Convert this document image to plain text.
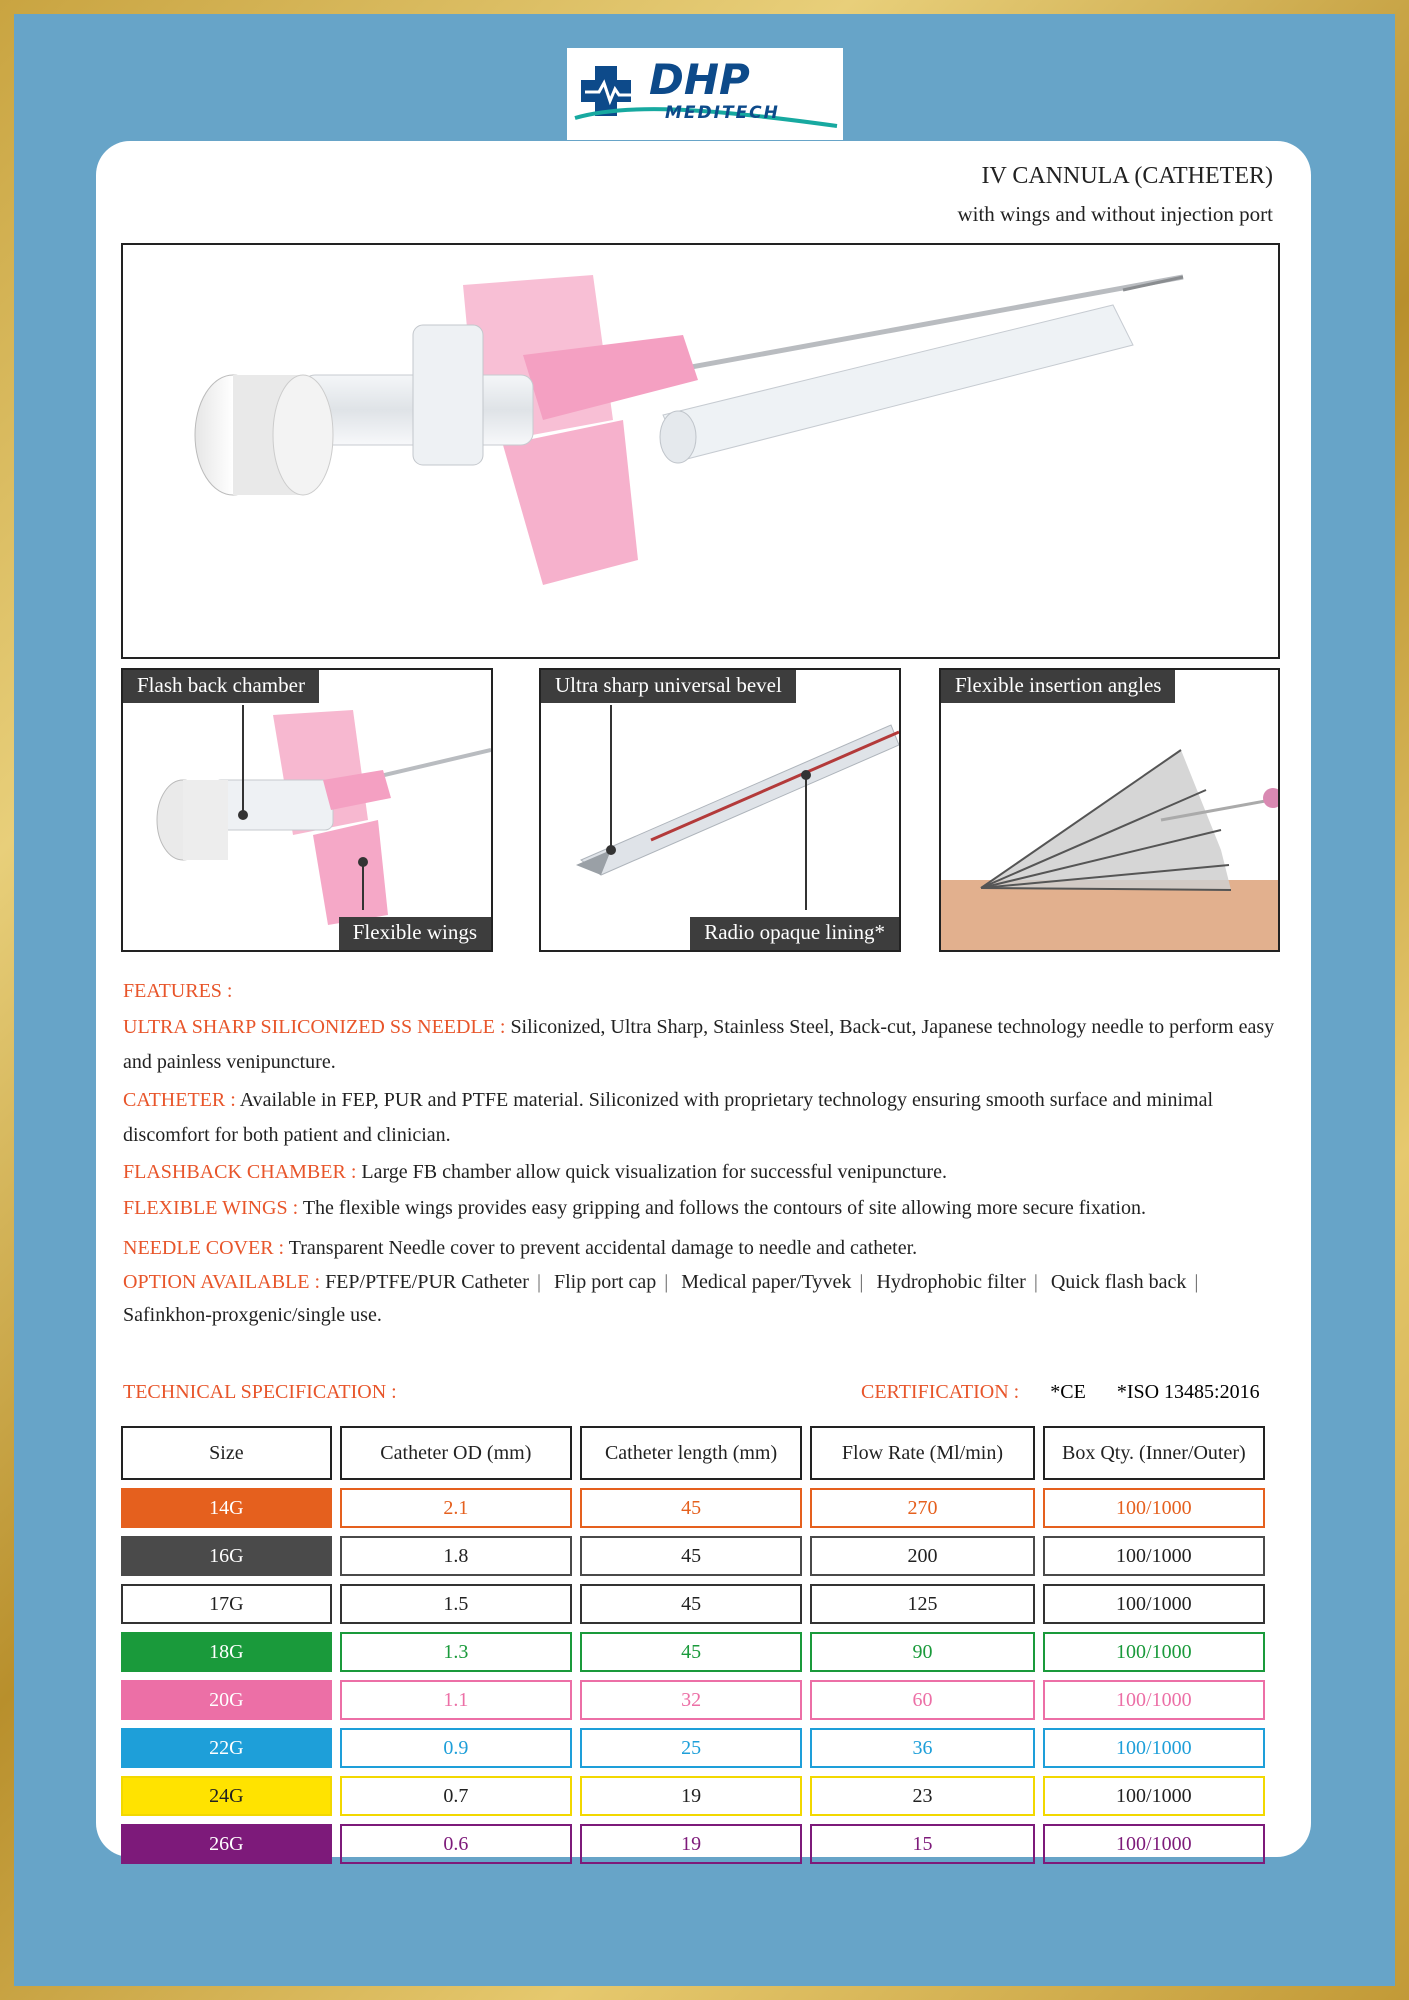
DHP
MEDITECH
IV CANNULA (CATHETER)
with wings and without injection port
Flash back chamber
Flexible wings
Ultra sharp universal bevel
Radio opaque lining*
Flexible insertion angles
FEATURES :
ULTRA SHARP SILICONIZED SS NEEDLE : Siliconized, Ultra Sharp, Stainless Steel, Back-cut, Japanese technology needle to perform easy and painless venipuncture.
CATHETER : Available in FEP, PUR and PTFE material. Siliconized with proprietary technology ensuring smooth surface and minimal discomfort for both patient and clinician.
FLASHBACK CHAMBER : Large FB chamber allow quick visualization for successful venipuncture.
FLEXIBLE WINGS : The flexible wings provides easy gripping and follows the contours of site allowing more secure fixation.
NEEDLE COVER : Transparent Needle cover to prevent accidental damage to needle and catheter.
OPTION AVAILABLE : FEP/PTFE/PUR Catheter | Flip port cap | Medical paper/Tyvek | Hydrophobic filter | Quick flash back | Safinkhon-proxgenic/single use.
TECHNICAL SPECIFICATION :	CERTIFICATION : *CE *ISO 13485:2016
Size	Catheter OD (mm)	Catheter length (mm)	Flow Rate (Ml/min)	Box Qty. (Inner/Outer)
14G	2.1	45	270	100/1000
16G	1.8	45	200	100/1000
17G	1.5	45	125	100/1000
18G	1.3	45	90	100/1000
20G	1.1	32	60	100/1000
22G	0.9	25	36	100/1000
24G	0.7	19	23	100/1000
26G	0.6	19	15	100/1000
